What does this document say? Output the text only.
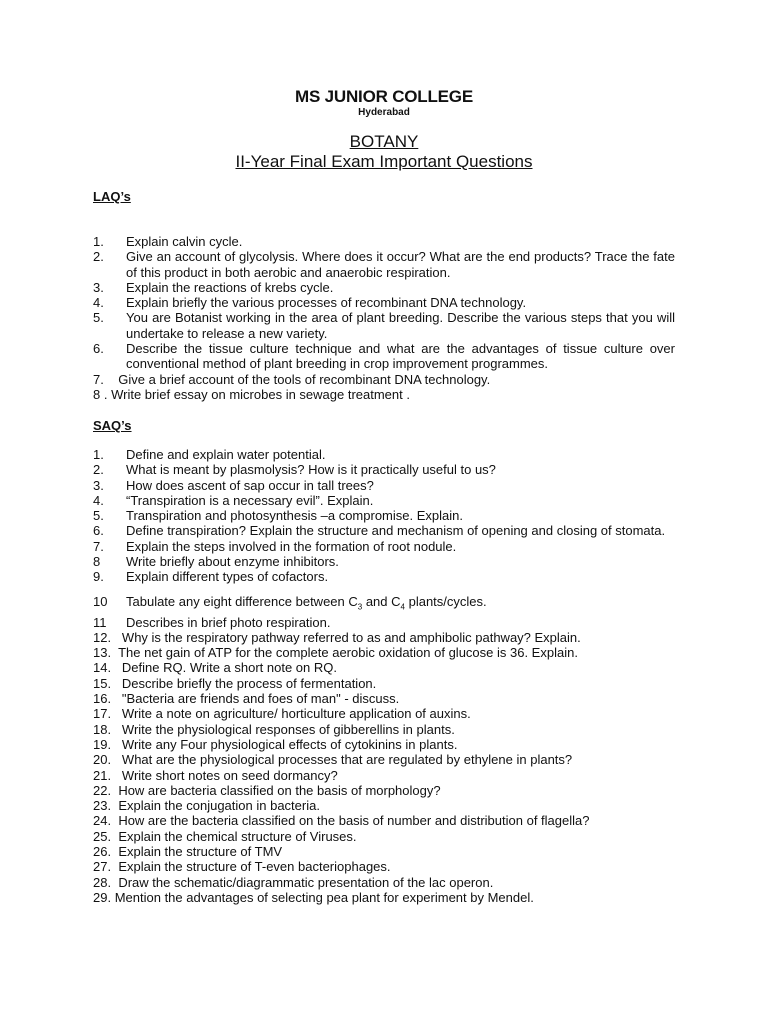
MS JUNIOR COLLEGE
Hyderabad
BOTANY
II-Year Final Exam Important Questions
LAQ’s
1.	Explain calvin cycle.
2.	Give an account of glycolysis. Where does it occur? What are the end products? Trace the fate of this product in both aerobic and anaerobic respiration.
3.	Explain the reactions of krebs cycle.
4.	Explain briefly the various processes of recombinant DNA technology.
5.	You are Botanist working in the area of plant breeding. Describe the various steps that you will undertake to release a new variety.
6.	Describe the tissue culture technique and what are the advantages of tissue culture over conventional method of plant breeding in crop improvement programmes.
7. Give a brief account of the tools of recombinant DNA technology.
8 . Write brief essay on microbes in sewage treatment .
SAQ’s
1.	Define and explain water potential.
2.	What is meant by plasmolysis? How is it practically useful to us?
3.	How does ascent of sap occur in tall trees?
4.	“Transpiration is a necessary evil”. Explain.
5.	Transpiration and photosynthesis –a compromise. Explain.
6.	Define transpiration? Explain the structure and mechanism of opening and closing of stomata.
7.	Explain the steps involved in the formation of root nodule.
8	Write briefly about enzyme inhibitors.
9.	Explain different types of cofactors.
10	Tabulate any eight difference between $C_3$ and $C_4$ plants/cycles.
11	Describes in brief photo respiration.
12. Why is the respiratory pathway referred to as and amphibolic pathway? Explain.
13. The net gain of ATP for the complete aerobic oxidation of glucose is 36. Explain.
14. Define RQ. Write a short note on RQ.
15. Describe briefly the process of fermentation.
16. "Bacteria are friends and foes of man" - discuss.
17. Write a note on agriculture/ horticulture application of auxins.
18. Write the physiological responses of gibberellins in plants.
19. Write any Four physiological effects of cytokinins in plants.
20. What are the physiological processes that are regulated by ethylene in plants?
21. Write short notes on seed dormancy?
22. How are bacteria classified on the basis of morphology?
23. Explain the conjugation in bacteria.
24. How are the bacteria classified on the basis of number and distribution of flagella?
25. Explain the chemical structure of Viruses.
26. Explain the structure of TMV
27. Explain the structure of T-even bacteriophages.
28. Draw the schematic/diagrammatic presentation of the lac operon.
29. Mention the advantages of selecting pea plant for experiment by Mendel.
